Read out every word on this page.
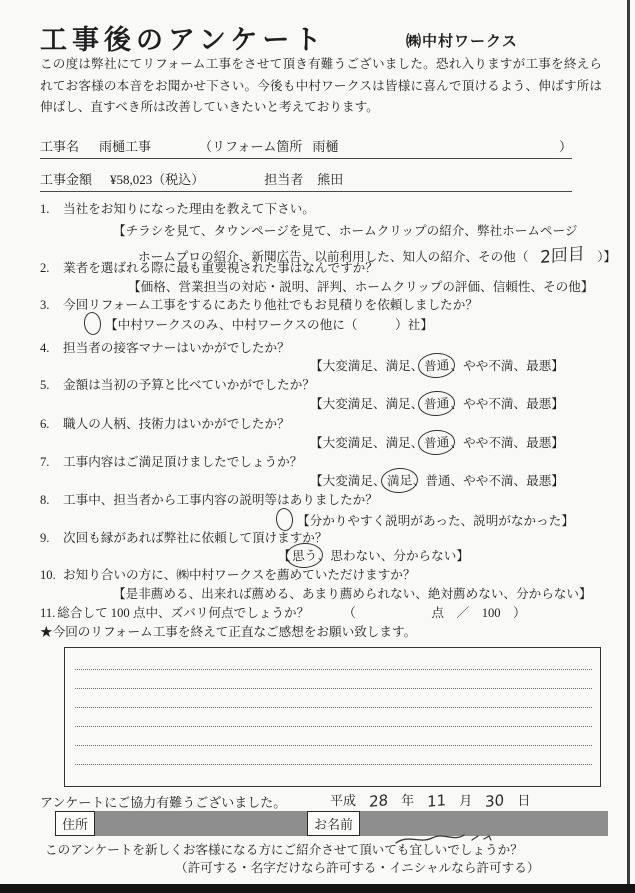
工事後のアンケート	㈱中村ワークス
この度は弊社にてリフォーム工事をさせて頂き有難うございました。恐れ入りますが工事を終えられてお客様の本音をお聞かせ下さい。今後も中村ワークスは皆様に喜んで頂けるよう、伸ばす所は伸ばし、直すべき所は改善していきたいと考えております。
工事名 雨樋工事	（リフォーム箇所 雨樋	）
工事金額 ¥58,023（税込）	担当者 熊田
1. 当社をお知りになった理由を教えて下さい。
【チラシを見て、タウンページを見て、ホームクリップの紹介、弊社ホームページ
ホームプロの紹介、新聞広告、以前利用した、知人の紹介、その他（ 2回目 ）】
2. 業者を選ばれる際に最も重要視された事はなんですか？
【価格、営業担当の対応・説明、評判、ホームクリップの評価、信頼性、その他】
3. 今回リフォーム工事をするにあたり他社でもお見積りを依頼しましたか？
【中村ワークスのみ、中村ワークスの他に（　　　）社】
4. 担当者の接客マナーはいかがでしたか？
【大変満足、満足、普通、やや不満、最悪】
5. 金額は当初の予算と比べていかがでしたか？
【大変満足、満足、普通、やや不満、最悪】
6. 職人の人柄、技術力はいかがでしたか？
【大変満足、満足、普通、やや不満、最悪】
7. 工事内容はご満足頂けましたでしょうか？
【大変満足、満足、普通、やや不満、最悪】
8. 工事中、担当者から工事内容の説明等はありましたか？
【分かりやすく説明があった、説明がなかった】
9. 次回も縁があれば弊社に依頼して頂けますか？
【思う、思わない、分からない】
10. お知り合いの方に、㈱中村ワークスを薦めていただけますか？
【是非薦める、出来れば薦める、あまり薦められない、絶対薦めない、分からない】
11. 総合して 100 点中、ズバリ何点でしょうか？	（　　　　　　点　／　100　）
★今回のリフォーム工事を終えて正直なご感想をお願い致します。
アンケートにご協力有難うございました。	平成 28 年 11 月 30 日
住所	お名前
このアンケートを新しくお客様になる方にご紹介させて頂いても宜しいでしょうか？
（許可する・名字だけなら許可する・イニシャルなら許可する）
